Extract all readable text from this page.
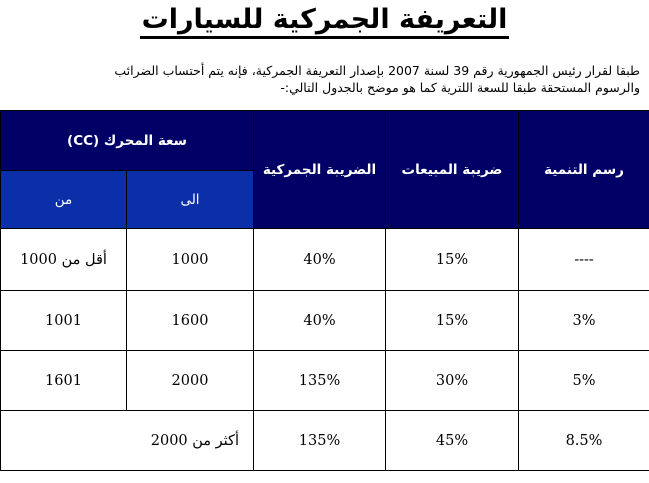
التعريفة الجمركية للسيارات
طبقا لقرار رئيس الجمهورية رقم 39 لسنة 2007 بإصدار التعريفة الجمركية، فإنه يتم أحتساب الضرائب
والرسوم المستحقة طبقا للسعة اللترية كما هو موضح بالجدول التالي:-
سعة المحرك (CC)		الضريبة الجمركية	ضريبة المبيعات	رسم التنمية
من	الى			
أقل من 1000	1000	40%	15%	----
1001	1600	40%	15%	3%
1601	2000	135%	30%	5%
أكثر من 2000		135%	45%	8.5%
